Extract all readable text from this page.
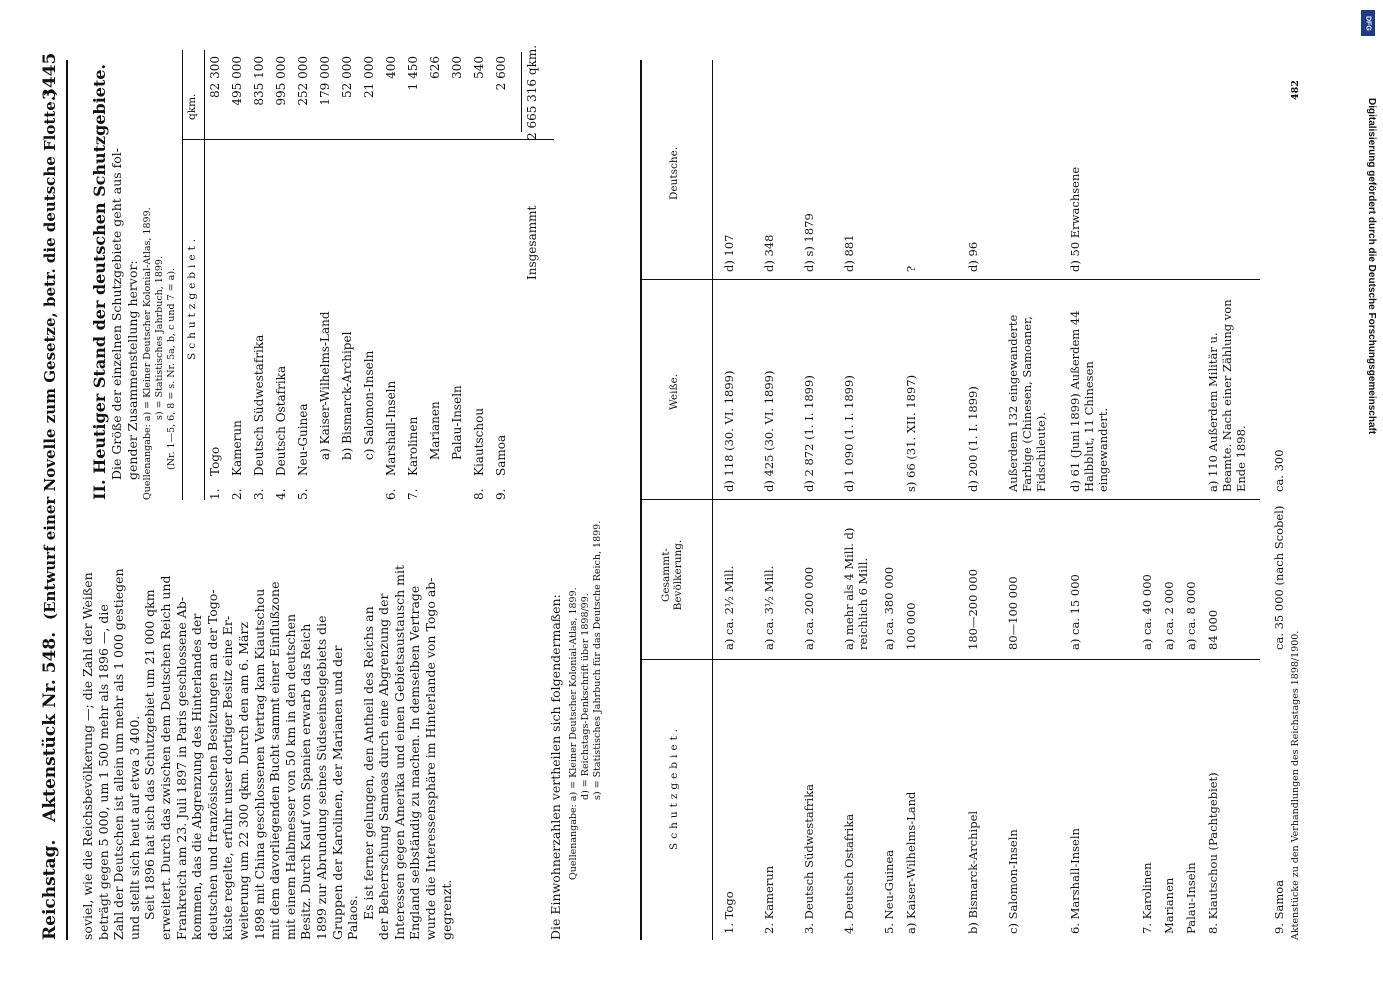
Reichstag.   Aktenstück Nr. 548.  (Entwurf einer Novelle zum Gesetze, betr. die deutsche Flotte.)
3445

soviel, wie die Reichsbevölkerung —; die Zahl der Weißen beträgt gegen 5 000, um 1 500 mehr als 1896 —, die Zahl der Deutschen ist allein um mehr als 1 000 gestiegen und stellt sich heut auf etwa 3 400. Seit 1896 hat sich das Schutzgebiet um 21 000 qkm erweitert. Durch das zwischen dem Deutschen Reich und Frankreich am 23. Juli 1897 in Paris geschlossene Ab- kommen, das die Abgrenzung des Hinterlandes der deutschen und französischen Besitzungen an der Togo- küste regelte, erfuhr unser dortiger Besitz eine Er- weiterung um 22 300 qkm. Durch den am 6. März 1898 mit China geschlossenen Vertrag kam Kiautschou mit dem davorliegenden Bucht sammt einer Einflußzone mit einem Halbmesser von 50 km in den deutschen Besitz. Durch Kauf von Spanien erwarb das Reich 1899 zur Abrundung seines Südseeinselgebiets die Gruppen der Karolinen, der Marianen und der Palaos. Es ist ferner gelungen, den Antheil des Reichs an der Beherrschung Samoas durch eine Abgrenzung der Interessen gegen Amerika und einen Gebietsaustausch mit England selbständig zu machen. In demselben Vertrage wurde die Interessensphäre im Hinterlande von Togo ab- gegrenzt.	Die Einwohnerzahlen vertheilen sich folgendermaßen: Quellenangabe: a) = Kleiner Deutscher Kolonial-Atlas, 1899. d) = Reichstags-Denkschrift über 1898/99. s) = Statistisches Jahrbuch für das Deutsche Reich, 1899.
II. Heutiger Stand der deutschen Schutzgebiete. Die Größe der einzelnen Schutzgebiete geht aus fol- gender Zusammenstellung hervor: Quellenangabe: a) = Kleiner Deutscher Kolonial-Atlas, 1899. s) = Statistisches Jahrbuch, 1899. (Nr. 1—5, 6, 8 = s. Nr. 5a, b, c und 7 = a). Schutzgebiet.
qkm.
1.
Togo
82 300
2.
Kamerun
495 000
3.
Deutsch Südwestafrika
835 100
4.
Deutsch Ostafrika
995 000
5.
Neu-Guinea
252 000
a) Kaiser-Wilhelms-Land
179 000
b) Bismarck-Archipel
52 000
c) Salomon-Inseln
21 000
6.
Marshall-Inseln
400
7.
Karolinen
1 450
Marianen
626
Palau-Inseln
300
8.
Kiautschou
540
9.
Samoa
2 600
Insgesammt
2 665 316 qkm.
Schutzgebiet.
Gesammt-Bevölkerung.
Weiße.
Deutsche.
1. Togo
a) ca. 2½ Mill.
d) 118 (30. VI. 1899)
d) 107
2. Kamerun
a) ca. 3½ Mill.
d) 425 (30. VI. 1899)
d) 348
3. Deutsch Südwestafrika
a) ca. 200 000
d) 2 872 (1. I. 1899)
d) s) 1879
4. Deutsch Ostafrika
a) mehr als 4 Mill. d) reichlich 6 Mill.
d) 1 090 (1. I. 1899)
d) 881
5. Neu-Guinea
a) ca. 380 000
a) Kaiser-Wilhelms-Land
100 000
s) 66 (31. XII. 1897)
?
b) Bismarck-Archipel
180—200 000
d) 200 (1. I. 1899)
d) 96
c) Salomon-Inseln
80—100 000
Außerdem 132 eingewanderte Farbige (Chinesen, Samoaner, Fidschileute).
6. Marshall-Inseln
a) ca. 15 000
d) 61 (Juni 1899) Außerdem 44 Halbblut, 11 Chinesen eingewandert.
d) 50 Erwachsene
7. Karolinen
a) ca. 40 000
Marianen
a) ca. 2 000
Palau-Inseln
a) ca. 8 000
8. Kiautschou (Pachtgebiet)
84 000
a) 110 Außerdem Militär u. Beamte. Nach einer Zählung von Ende 1898.
9. Samoa
ca. 35 000 (nach Scobel)
ca. 300
Aktenstücke zu den Verhandlungen des Reichstages 1898/1900.
482
DFG
Digitalisierung gefördert durch die Deutsche Forschungsgemeinschaft
